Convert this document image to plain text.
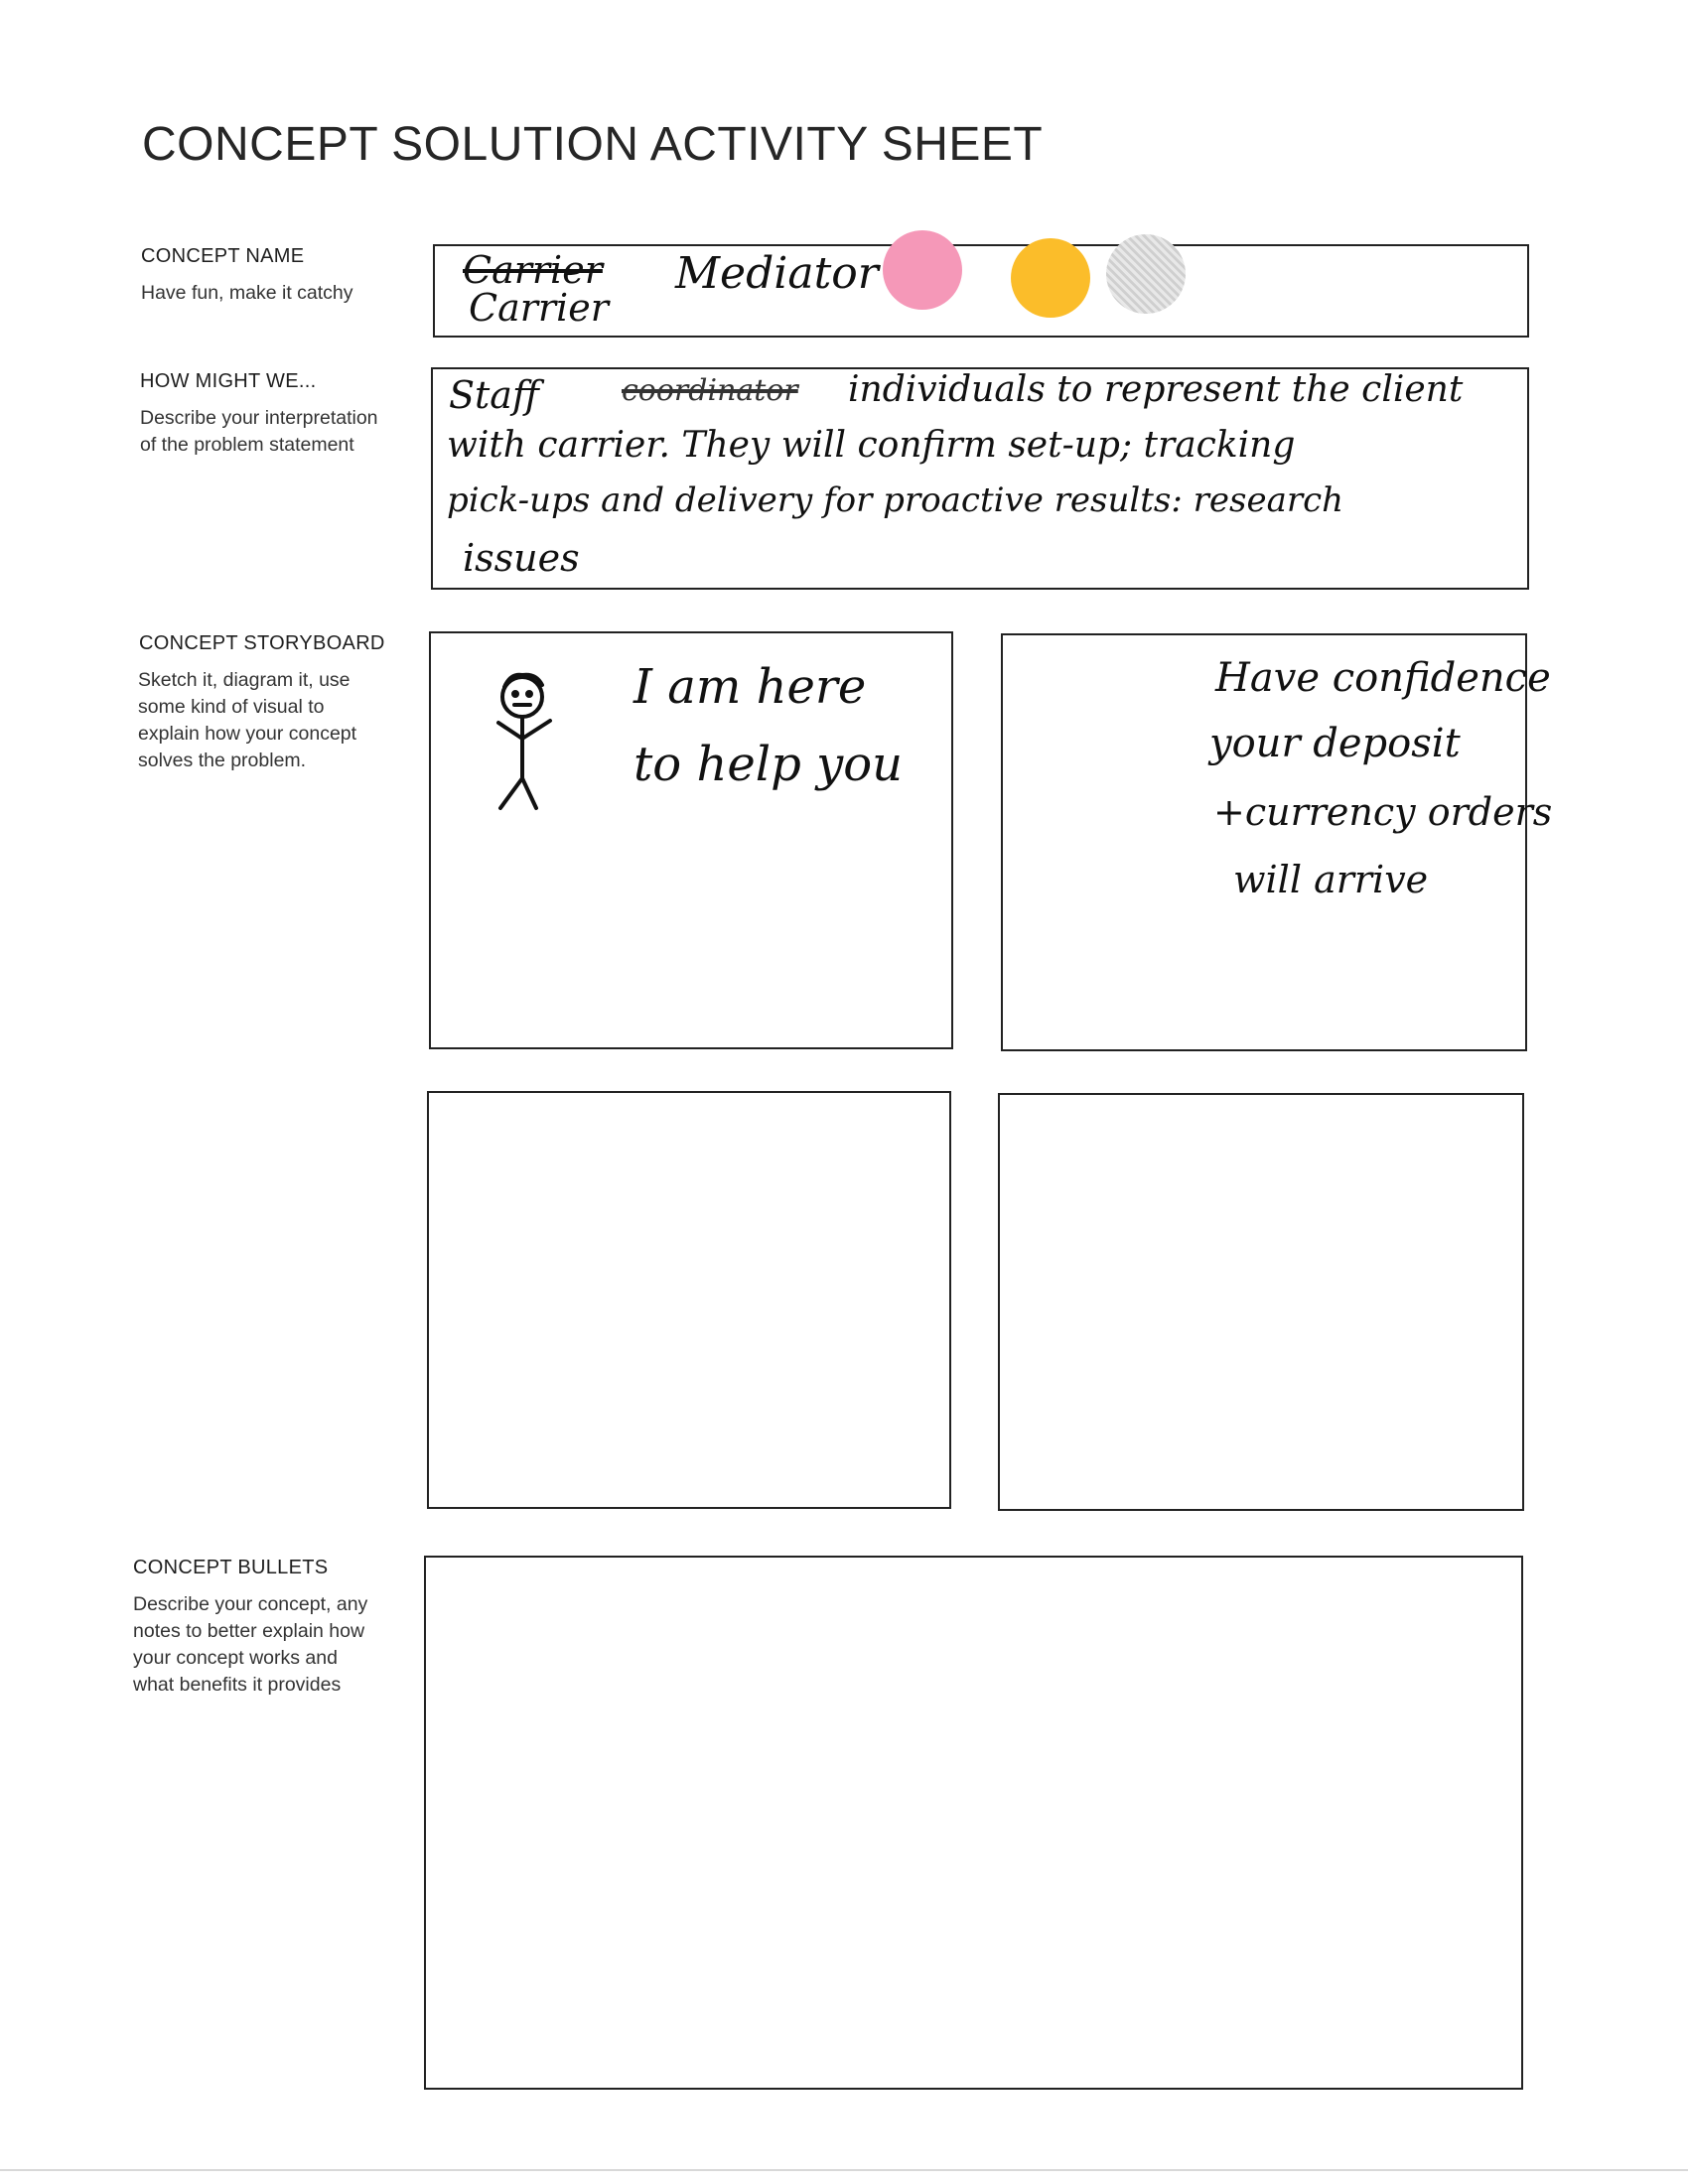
CONCEPT SOLUTION ACTIVITY SHEET
CONCEPT NAME
Have fun, make it catchy
Carrier
Carrier
Mediator
HOW MIGHT WE...
Describe your interpretation
of the problem statement
Staff	coordinator individuals to represent the client
with carrier. They will confirm set-up; tracking
pick-ups and delivery for proactive results: research
issues
CONCEPT STORYBOARD
Sketch it, diagram it, use
some kind of visual to
explain how your concept
solves the problem.
I am here
to help you
Have confidence
your deposit
+currency orders
will arrive
CONCEPT BULLETS
Describe your concept, any
notes to better explain how
your concept works and
what benefits it provides
